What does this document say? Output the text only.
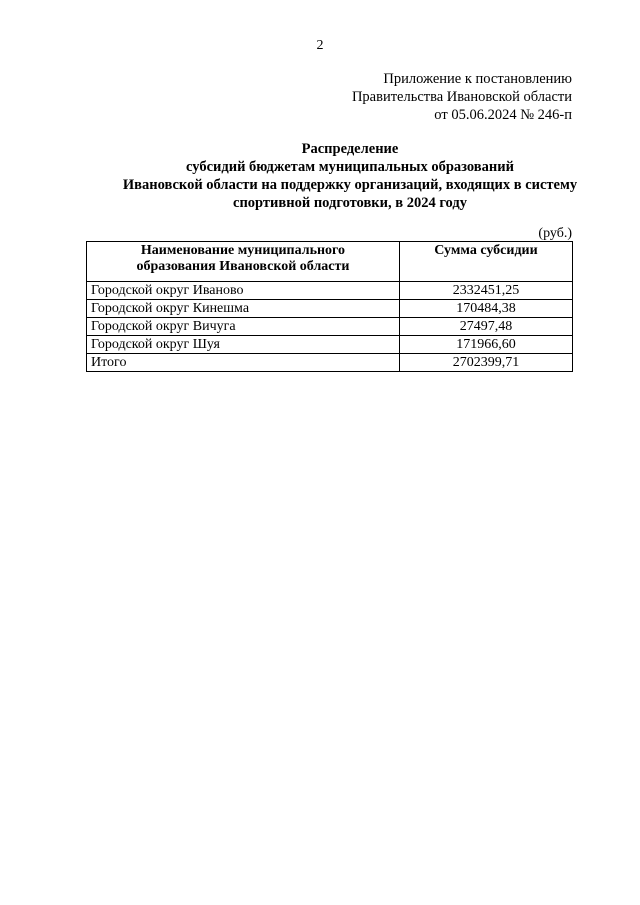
2
Приложение к постановлению
Правительства Ивановской области
от 05.06.2024 № 246-п
Распределение
субсидий бюджетам муниципальных образований
Ивановской области на поддержку организаций, входящих в систему
спортивной подготовки, в 2024 году
(руб.)
Наименование муниципального
образования Ивановской области	Сумма субсидии
Городской округ Иваново	2332451,25
Городской округ Кинешма	170484,38
Городской округ Вичуга	27497,48
Городской округ Шуя	171966,60
Итого	2702399,71
